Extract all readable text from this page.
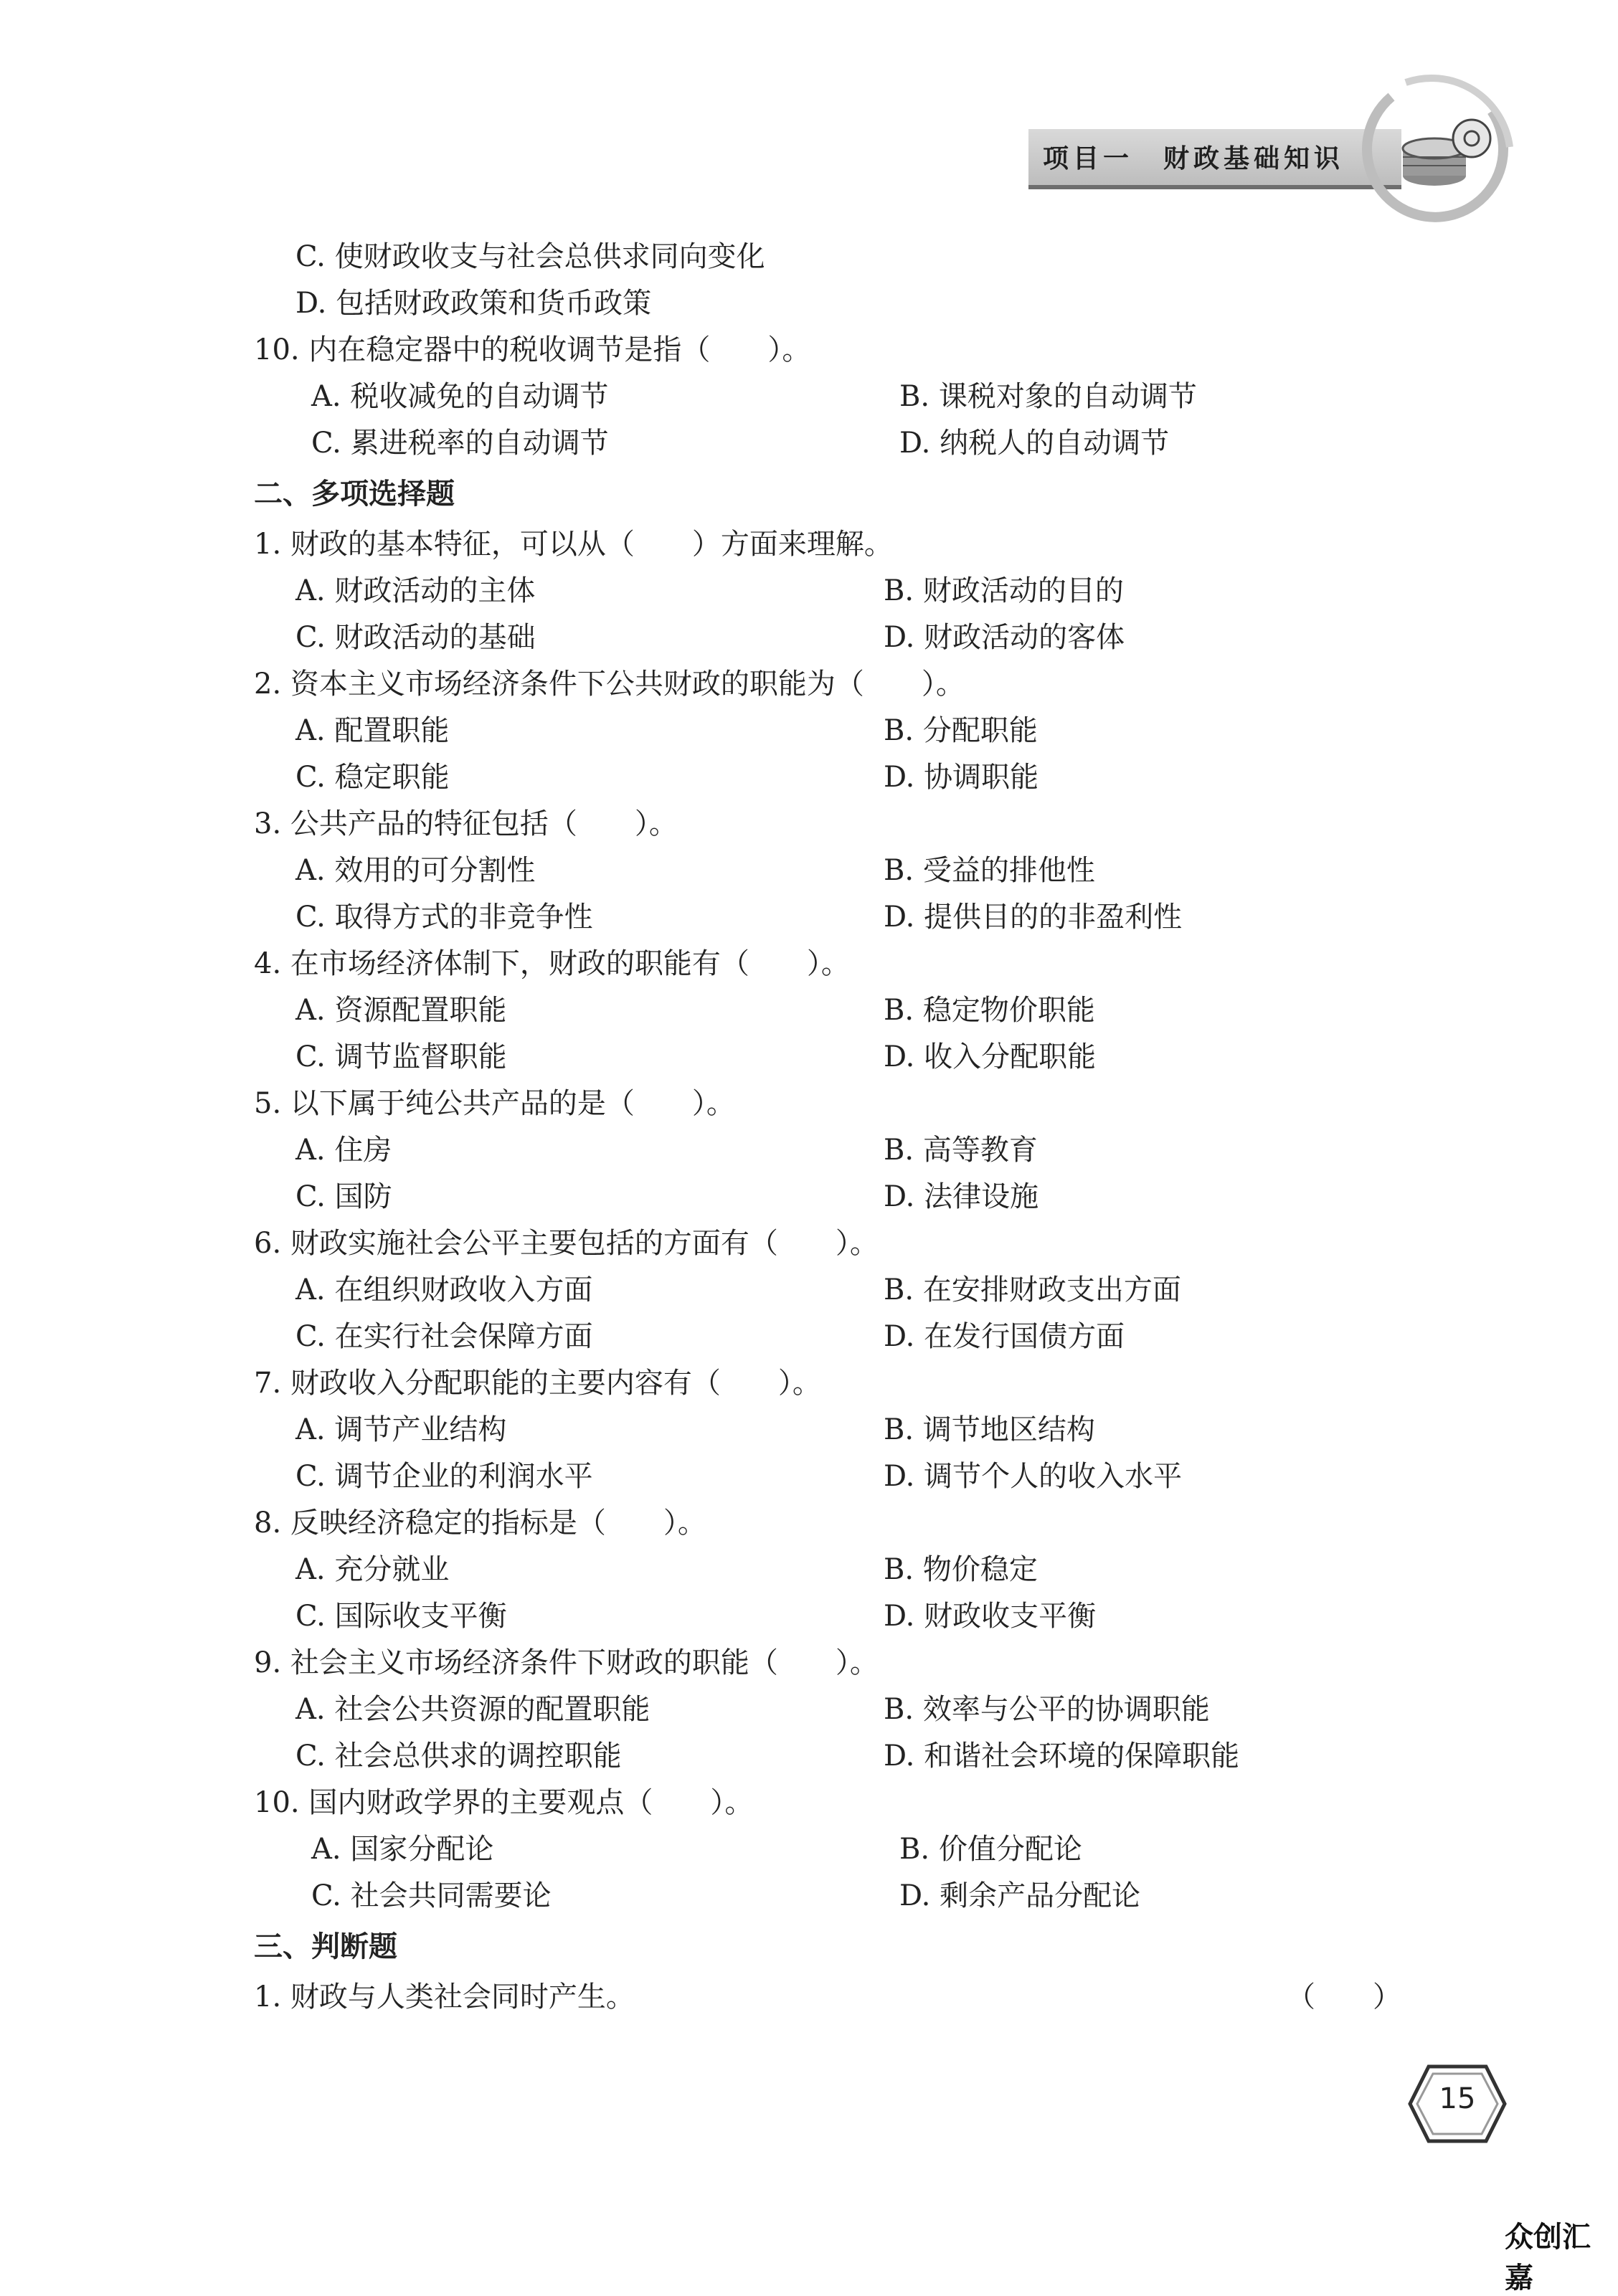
项目一　财政基础知识
C. 使财政收支与社会总供求同向变化
D. 包括财政政策和货币政策
10. 内在稳定器中的税收调节是指（　　）。
A. 税收减免的自动调节	B. 课税对象的自动调节
C. 累进税率的自动调节	D. 纳税人的自动调节
二、多项选择题
1. 财政的基本特征，可以从（　　）方面来理解。
A. 财政活动的主体	B. 财政活动的目的
C. 财政活动的基础	D. 财政活动的客体
2. 资本主义市场经济条件下公共财政的职能为（　　）。
A. 配置职能	B. 分配职能
C. 稳定职能	D. 协调职能
3. 公共产品的特征包括（　　）。
A. 效用的可分割性	B. 受益的排他性
C. 取得方式的非竞争性	D. 提供目的的非盈利性
4. 在市场经济体制下，财政的职能有（　　）。
A. 资源配置职能	B. 稳定物价职能
C. 调节监督职能	D. 收入分配职能
5. 以下属于纯公共产品的是（　　）。
A. 住房	B. 高等教育
C. 国防	D. 法律设施
6. 财政实施社会公平主要包括的方面有（　　）。
A. 在组织财政收入方面	B. 在安排财政支出方面
C. 在实行社会保障方面	D. 在发行国债方面
7. 财政收入分配职能的主要内容有（　　）。
A. 调节产业结构	B. 调节地区结构
C. 调节企业的利润水平	D. 调节个人的收入水平
8. 反映经济稳定的指标是（　　）。
A. 充分就业	B. 物价稳定
C. 国际收支平衡	D. 财政收支平衡
9. 社会主义市场经济条件下财政的职能（　　）。
A. 社会公共资源的配置职能	B. 效率与公平的协调职能
C. 社会总供求的调控职能	D. 和谐社会环境的保障职能
10. 国内财政学界的主要观点（　　）。
A. 国家分配论	B. 价值分配论
C. 社会共同需要论	D. 剩余产品分配论
三、判断题
1. 财政与人类社会同时产生。	（　　）
15
众创汇嘉
